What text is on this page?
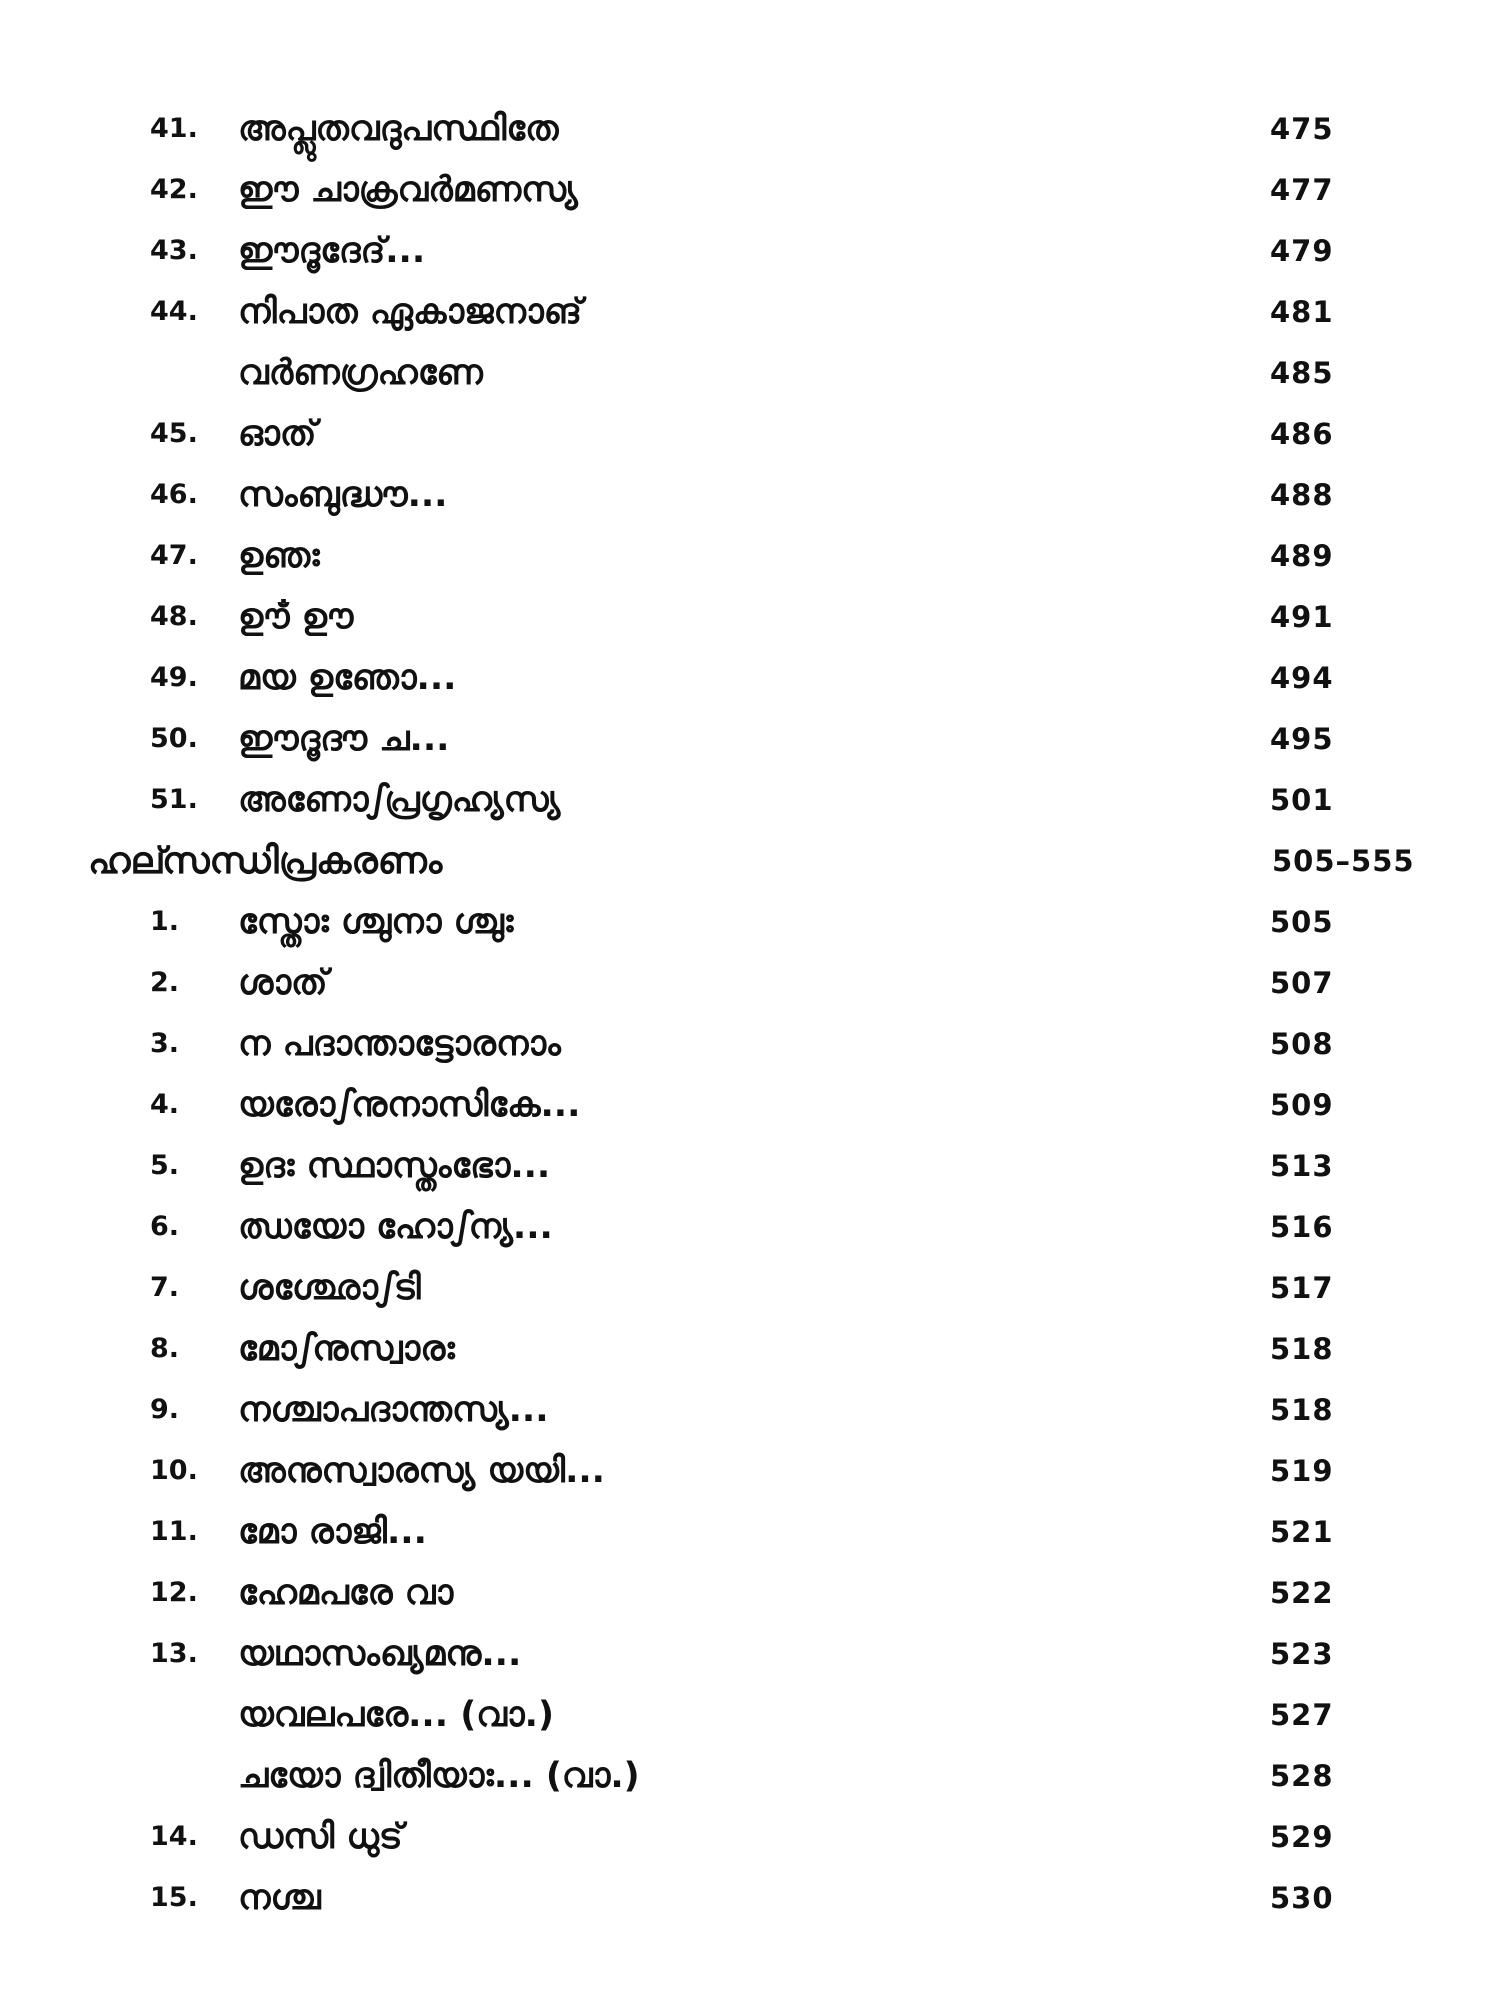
41.	അപ്ലുതവദുപസ്ഥിതേ	475
42.	ഈ ചാക്രവർമണസ്യ	477
43.	ഈദൂദേദ്...	479
44.	നിപാത ഏകാജനാങ്	481
വർണഗ്രഹണേ	485
45.	ഓത്	486
46.	സംബുദ്ധൗ...	488
47.	ഉഞഃ	489
48.	ഊ̐ ഊ	491
49.	മയ ഉഞോ...	494
50.	ഈദൂദൗ ച...	495
51.	അണോഽപ്രഗൃഹ്യസ്യ	501
ഹല്സന്ധിപ്രകരണം	505–555
1.	സ്തോഃ ശ്ചുനാ ശ്ചുഃ	505
2.	ശാത്	507
3.	ന പദാന്താട്ടോരനാം	508
4.	യരോഽനുനാസികേ...	509
5.	ഉദഃ സ്ഥാസ്തംഭോ...	513
6.	ഝയോ ഹോഽന്യ...	516
7.	ശശ്ഛോഽടി	517
8.	മോഽനുസ്വാരഃ	518
9.	നശ്ചാപദാന്തസ്യ...	518
10.	അനുസ്വാരസ്യ യയി...	519
11.	മോ രാജി...	521
12.	ഹേമപരേ വാ	522
13.	യഥാസംഖ്യമനു...	523
യവലപരേ... (വാ.)	527
ചയോ ദ്വിതീയാഃ... (വാ.)	528
14.	ഡസി ധുട്	529
15.	നശ്ച	530
